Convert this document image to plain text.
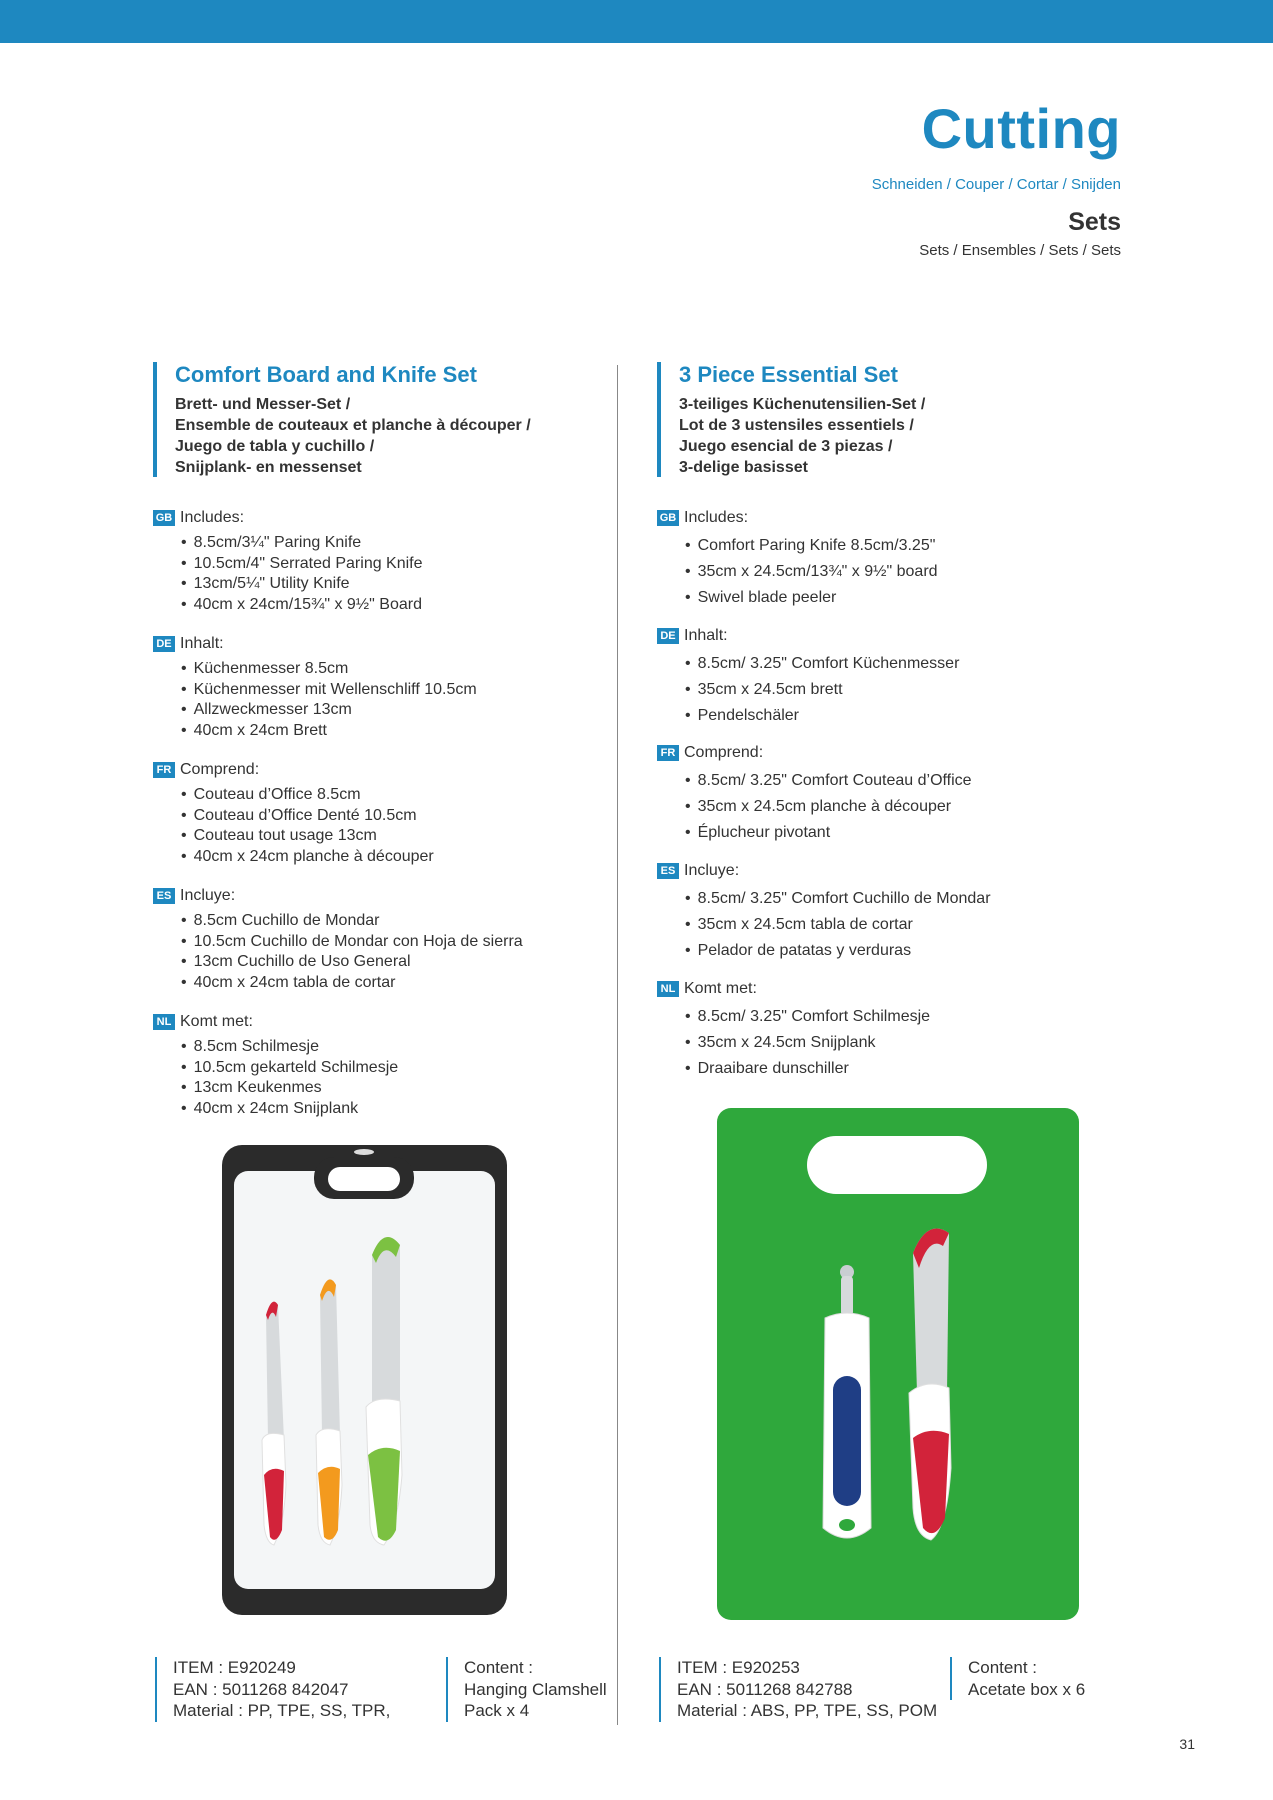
Cutting
Schneiden / Couper / Cortar / Snijden
Sets
Sets / Ensembles / Sets / Sets
Comfort Board and Knife Set
Brett- und Messer-Set /
Ensemble de couteaux et planche à découper /
Juego de tabla y cuchillo /
Snijplank- en messenset
GB Includes:
• 8.5cm/3¼" Paring Knife
• 10.5cm/4" Serrated Paring Knife
• 13cm/5¼" Utility Knife
• 40cm x 24cm/15¾" x 9½" Board
DE Inhalt:
• Küchenmesser 8.5cm
• Küchenmesser mit Wellenschliff 10.5cm
• Allzweckmesser 13cm
• 40cm x 24cm Brett
FR Comprend:
• Couteau d’Office 8.5cm
• Couteau d’Office Denté 10.5cm
• Couteau tout usage 13cm
• 40cm x 24cm planche à découper
ES Incluye:
• 8.5cm Cuchillo de Mondar
• 10.5cm Cuchillo de Mondar con Hoja de sierra
• 13cm Cuchillo de Uso General
• 40cm x 24cm tabla de cortar
NL Komt met:
• 8.5cm Schilmesje
• 10.5cm gekarteld Schilmesje
• 13cm Keukenmes
• 40cm x 24cm Snijplank
ITEM : E920249
EAN : 5011268 842047
Material : PP, TPE, SS, TPR,
Content :
Hanging Clamshell
Pack x 4
3 Piece Essential Set
3-teiliges Küchenutensilien-Set /
Lot de 3 ustensiles essentiels /
Juego esencial de 3 piezas /
3-delige basisset
GB Includes:
• Comfort Paring Knife 8.5cm/3.25"
• 35cm x 24.5cm/13¾" x 9½" board
• Swivel blade peeler
DE Inhalt:
• 8.5cm/ 3.25" Comfort Küchenmesser
• 35cm x 24.5cm brett
• Pendelschäler
FR Comprend:
• 8.5cm/ 3.25" Comfort Couteau d’Office
• 35cm x 24.5cm planche à découper
• Éplucheur pivotant
ES Incluye:
• 8.5cm/ 3.25" Comfort Cuchillo de Mondar
• 35cm x 24.5cm tabla de cortar
• Pelador de patatas y verduras
NL Komt met:
• 8.5cm/ 3.25" Comfort Schilmesje
• 35cm x 24.5cm Snijplank
• Draaibare dunschiller
ITEM : E920253
EAN : 5011268 842788
Material : ABS, PP, TPE, SS, POM
Content :
Acetate box x 6
31
